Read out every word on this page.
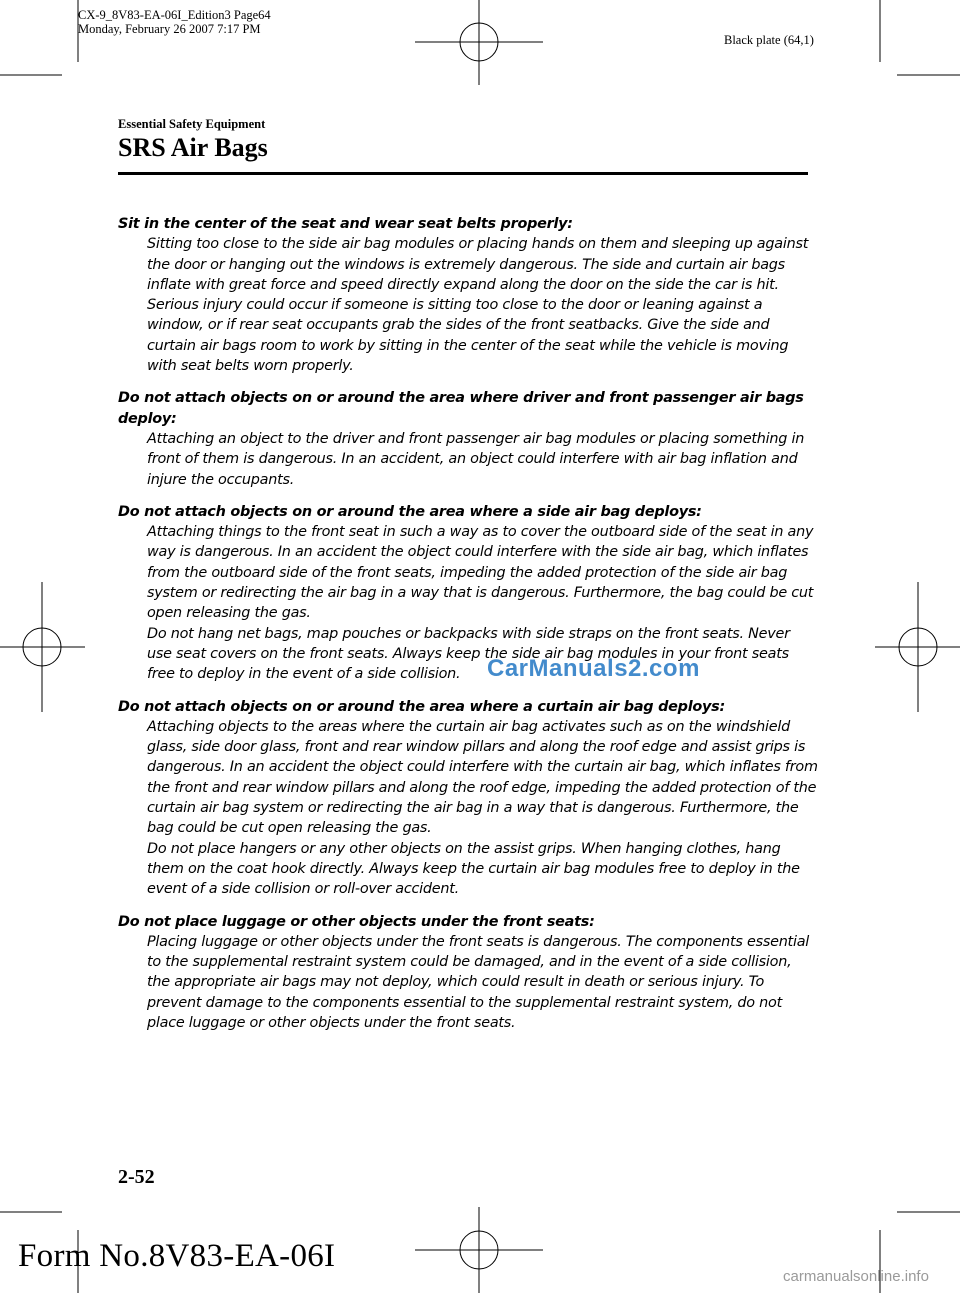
CX-9_8V83-EA-06I_Edition3 Page64
Monday, February 26 2007 7:17 PM
Black plate (64,1)
Essential Safety Equipment
SRS Air Bags
Sit in the center of the seat and wear seat belts properly:

Sitting too close to the side air bag modules or placing hands on them and sleeping up against the door or hanging out the windows is extremely dangerous. The side and curtain air bags inflate with great force and speed directly expand along the door on the side the car is hit. Serious injury could occur if someone is sitting too close to the door or leaning against a window, or if rear seat occupants grab the sides of the front seatbacks. Give the side and curtain air bags room to work by sitting in the center of the seat while the vehicle is moving with seat belts worn properly.

Do not attach objects on or around the area where driver and front passenger air bags deploy:

Attaching an object to the driver and front passenger air bag modules or placing something in front of them is dangerous. In an accident, an object could interfere with air bag inflation and injure the occupants.

Do not attach objects on or around the area where a side air bag deploys:

Attaching things to the front seat in such a way as to cover the outboard side of the seat in any way is dangerous. In an accident the object could interfere with the side air bag, which inflates from the outboard side of the front seats, impeding the added protection of the side air bag system or redirecting the air bag in a way that is dangerous. Furthermore, the bag could be cut open releasing the gas.

Do not hang net bags, map pouches or backpacks with side straps on the front seats. Never use seat covers on the front seats. Always keep the side air bag modules in your front seats free to deploy in the event of a side collision.

Do not attach objects on or around the area where a curtain air bag deploys:

Attaching objects to the areas where the curtain air bag activates such as on the windshield glass, side door glass, front and rear window pillars and along the roof edge and assist grips is dangerous. In an accident the object could interfere with the curtain air bag, which inflates from the front and rear window pillars and along the roof edge, impeding the added protection of the curtain air bag system or redirecting the air bag in a way that is dangerous. Furthermore, the bag could be cut open releasing the gas.

Do not place hangers or any other objects on the assist grips. When hanging clothes, hang them on the coat hook directly. Always keep the curtain air bag modules free to deploy in the event of a side collision or roll-over accident.

Do not place luggage or other objects under the front seats:

Placing luggage or other objects under the front seats is dangerous. The components essential to the supplemental restraint system could be damaged, and in the event of a side collision, the appropriate air bags may not deploy, which could result in death or serious injury. To prevent damage to the components essential to the supplemental restraint system, do not place luggage or other objects under the front seats.

CarManuals2.com
2-52
Form No.8V83-EA-06I
carmanualsonline.info
